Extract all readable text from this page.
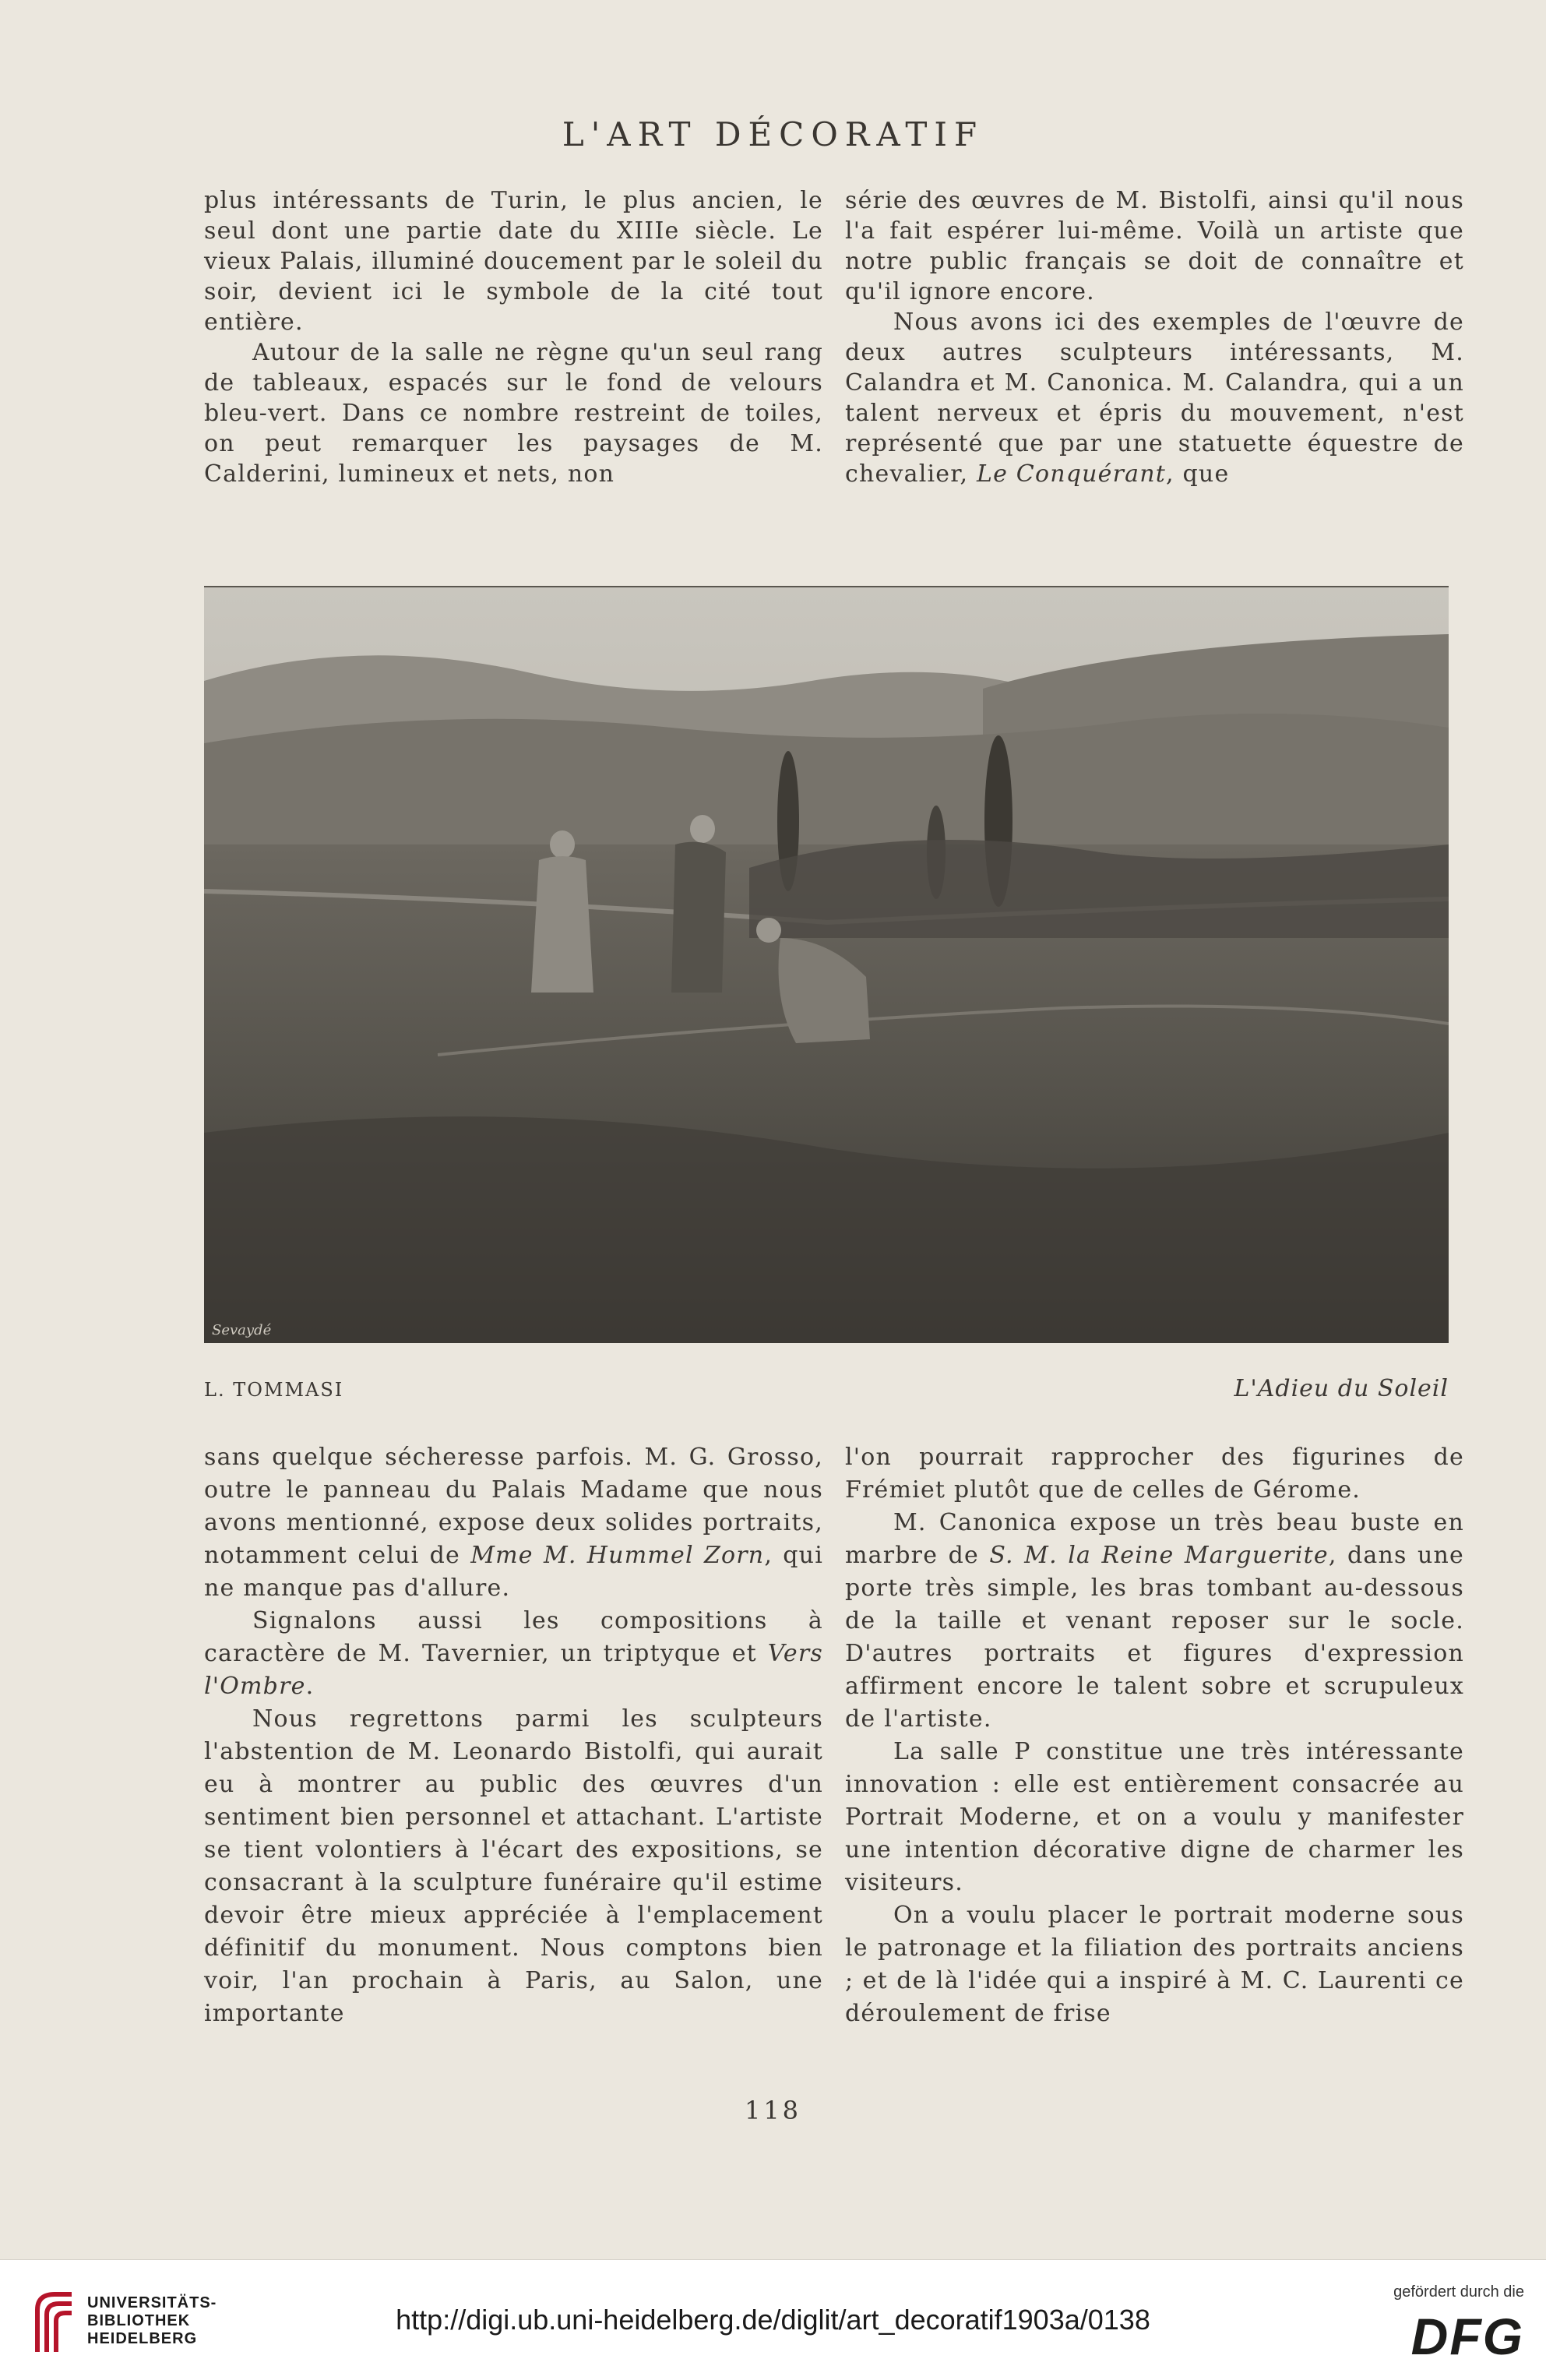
L'ART DÉCORATIF

plus intéressants de Turin, le plus ancien, le seul dont une partie date du XIIIe siècle. Le vieux Palais, illuminé doucement par le soleil du soir, devient ici le symbole de la cité tout entière.

Autour de la salle ne règne qu'un seul rang de tableaux, espacés sur le fond de velours bleu-vert. Dans ce nombre restreint de toiles, on peut remarquer les paysages de M. Calderini, lumineux et nets, non

série des œuvres de M. Bistolfi, ainsi qu'il nous l'a fait espérer lui-même. Voilà un artiste que notre public français se doit de connaître et qu'il ignore encore.

Nous avons ici des exemples de l'œuvre de deux autres sculpteurs intéressants, M. Calandra et M. Canonica. M. Calandra, qui a un talent nerveux et épris du mouvement, n'est représenté que par une statuette équestre de chevalier, Le Conquérant, que

Sevaydé
L. TOMMASI	L'Adieu du Soleil

sans quelque sécheresse parfois. M. G. Grosso, outre le panneau du Palais Madame que nous avons mentionné, expose deux solides portraits, notamment celui de Mme M. Hummel Zorn, qui ne manque pas d'allure.

Signalons aussi les compositions à caractère de M. Tavernier, un triptyque et Vers l'Ombre.

Nous regrettons parmi les sculpteurs l'abstention de M. Leonardo Bistolfi, qui aurait eu à montrer au public des œuvres d'un sentiment bien personnel et attachant. L'artiste se tient volontiers à l'écart des expositions, se consacrant à la sculpture funéraire qu'il estime devoir être mieux appréciée à l'emplacement définitif du monument. Nous comptons bien voir, l'an prochain à Paris, au Salon, une importante

l'on pourrait rapprocher des figurines de Frémiet plutôt que de celles de Gérome.

M. Canonica expose un très beau buste en marbre de S. M. la Reine Marguerite, dans une porte très simple, les bras tombant au-dessous de la taille et venant reposer sur le socle. D'autres portraits et figures d'expression affirment encore le talent sobre et scrupuleux de l'artiste.

La salle P constitue une très intéressante innovation : elle est entièrement consacrée au Portrait Moderne, et on a voulu y manifester une intention décorative digne de charmer les visiteurs.

On a voulu placer le portrait moderne sous le patronage et la filiation des portraits anciens ; et de là l'idée qui a inspiré à M. C. Laurenti ce déroulement de frise

118
UNIVERSITÄTS-
BIBLIOTHEK
HEIDELBERG
http://digi.ub.uni-heidelberg.de/diglit/art_decoratif1903a/0138
gefördert durch die
DFG
